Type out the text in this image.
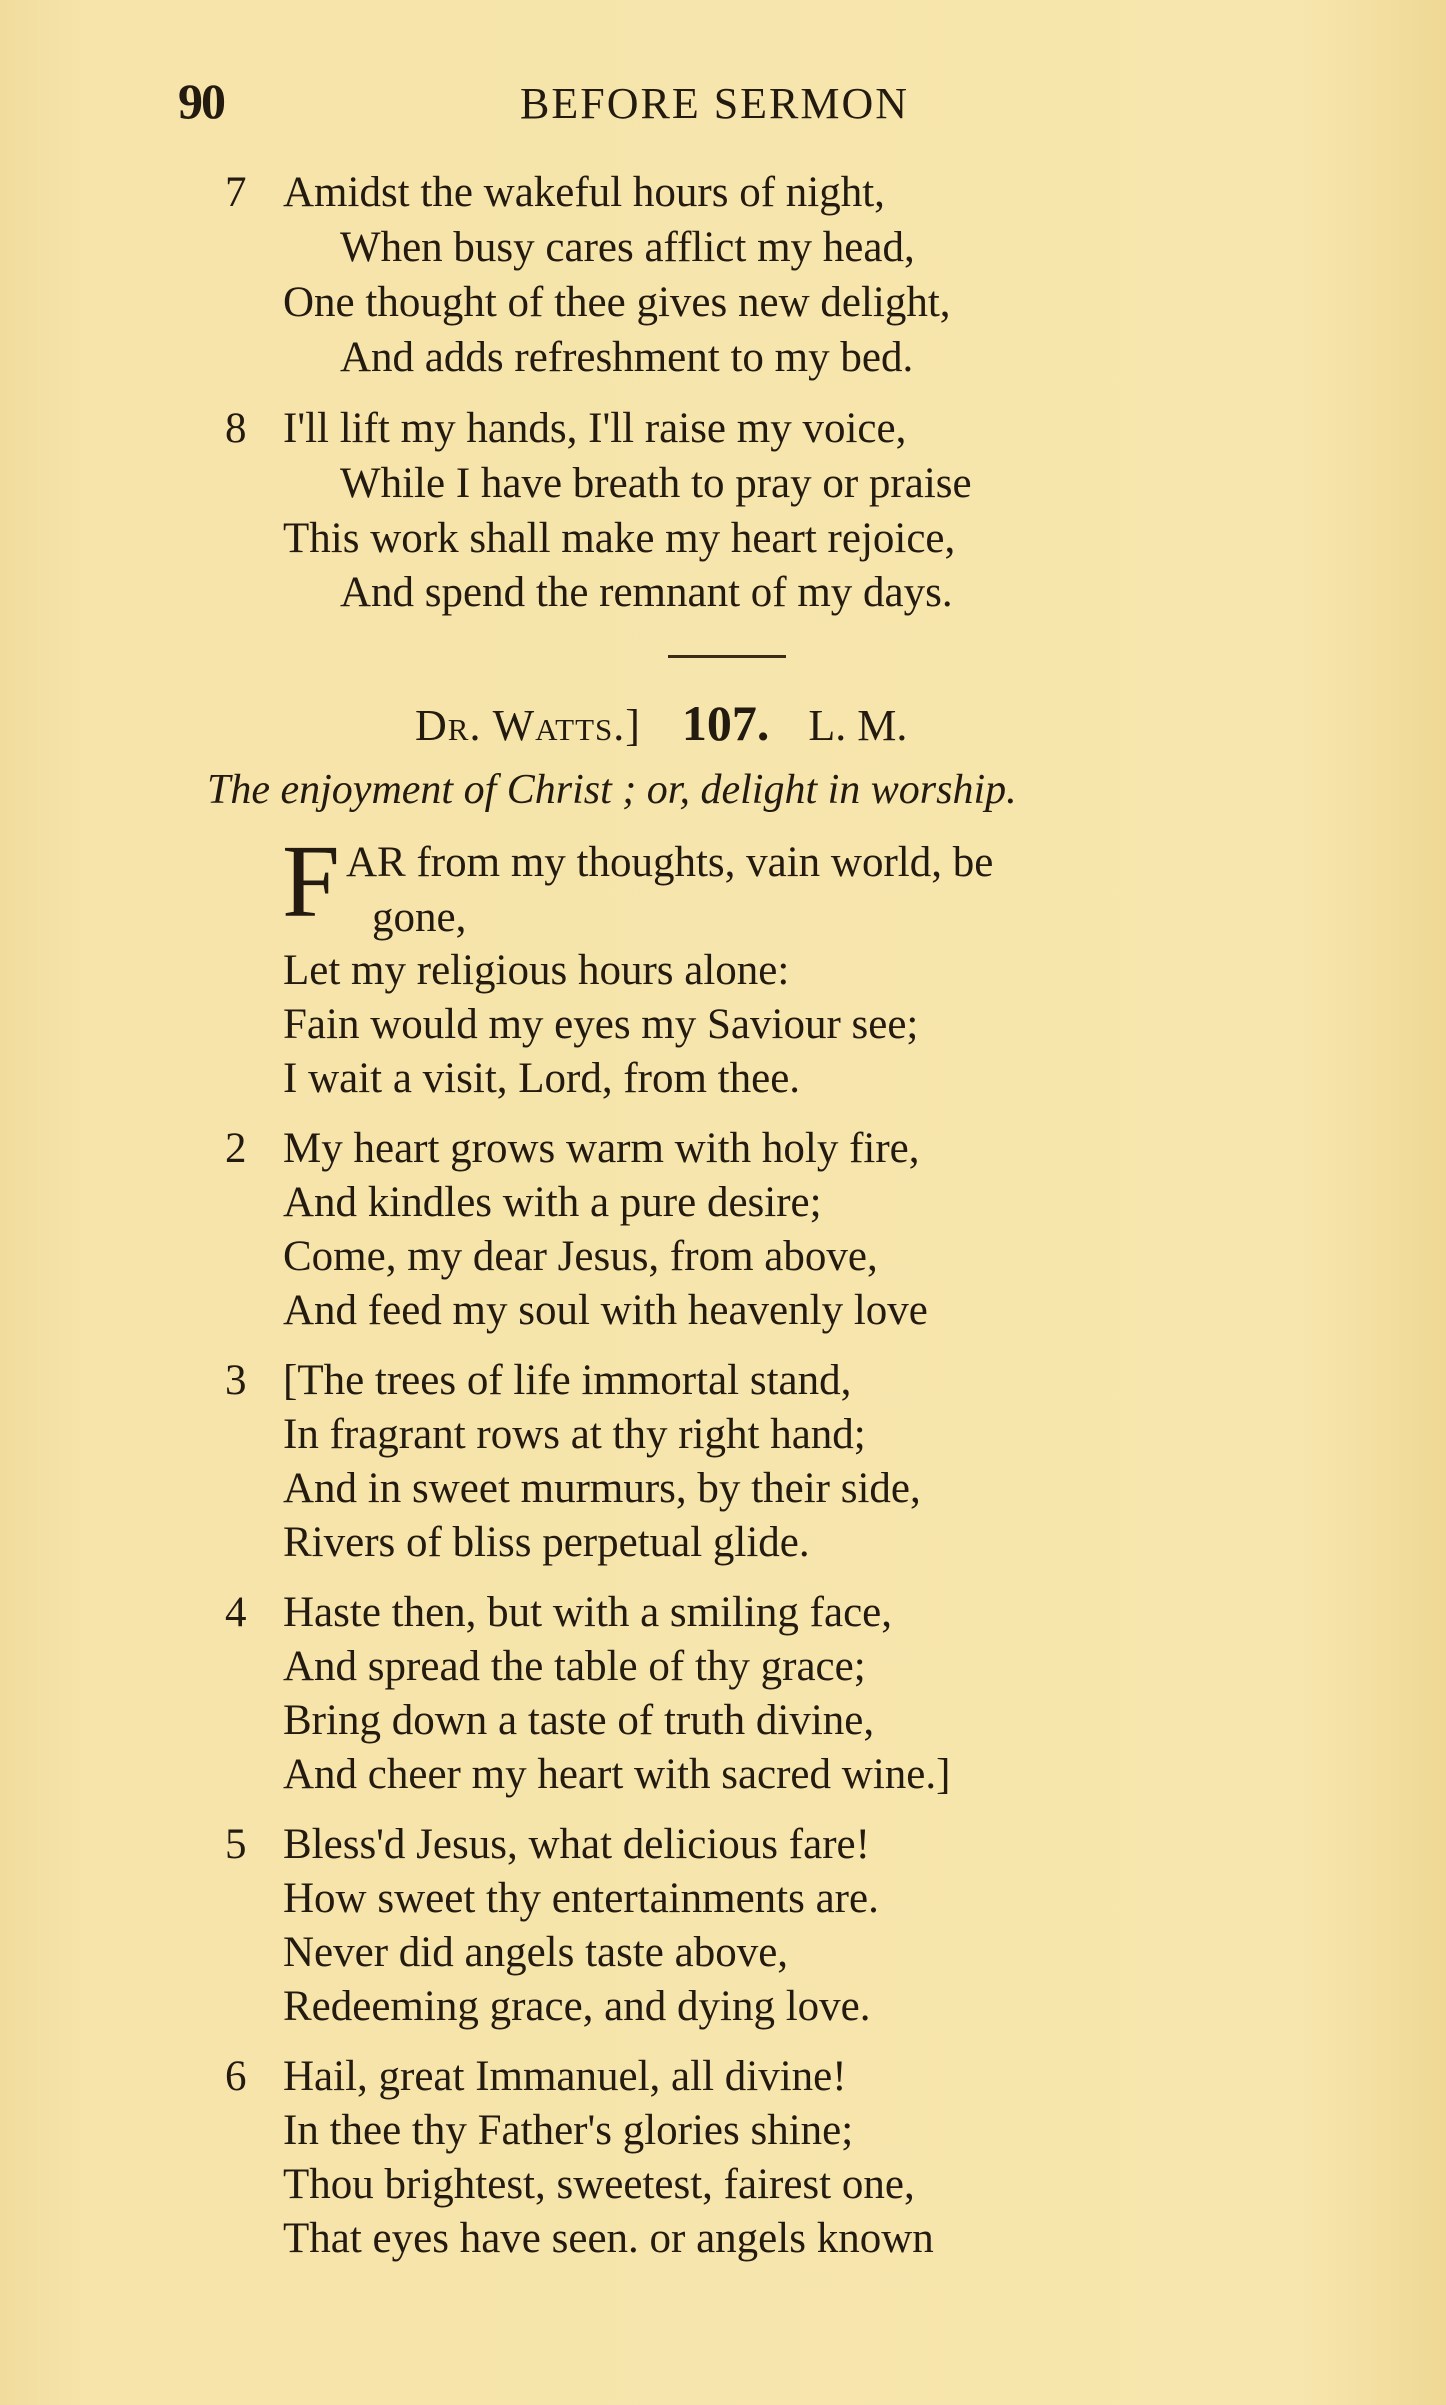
90	BEFORE SERMON
7 Amidst the wakeful hours of night,
When busy cares afflict my head,
One thought of thee gives new delight,
And adds refreshment to my bed.
8 I'll lift my hands, I'll raise my voice,
While I have breath to pray or praise
This work shall make my heart rejoice,
And spend the remnant of my days.
Dr. Watts.] 107. L. M.
The enjoyment of Christ ; or, delight in worship.
F AR from my thoughts, vain world, be
gone,
Let my religious hours alone:
Fain would my eyes my Saviour see;
I wait a visit, Lord, from thee.
2 My heart grows warm with holy fire,
And kindles with a pure desire;
Come, my dear Jesus, from above,
And feed my soul with heavenly love
3 [The trees of life immortal stand,
In fragrant rows at thy right hand;
And in sweet murmurs, by their side,
Rivers of bliss perpetual glide.
4 Haste then, but with a smiling face,
And spread the table of thy grace;
Bring down a taste of truth divine,
And cheer my heart with sacred wine.]
5 Bless'd Jesus, what delicious fare!
How sweet thy entertainments are.
Never did angels taste above,
Redeeming grace, and dying love.
6 Hail, great Immanuel, all divine!
In thee thy Father's glories shine;
Thou brightest, sweetest, fairest one,
That eyes have seen. or angels known
